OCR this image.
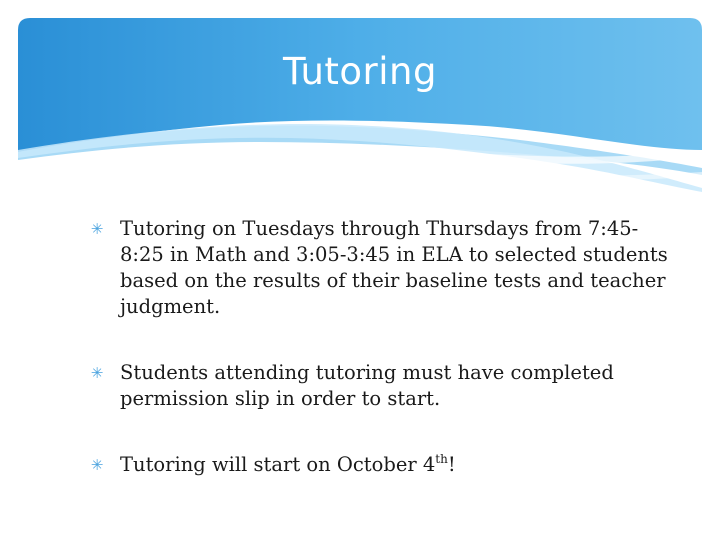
Tutoring
✳ Tutoring on Tuesdays through Thursdays from 7:45-8:25 in Math and 3:05-3:45 in ELA to selected students based on the results of their baseline tests and teacher judgment.
✳ Students attending tutoring must have completed permission slip in order to start.
✳ Tutoring will start on October 4th!
